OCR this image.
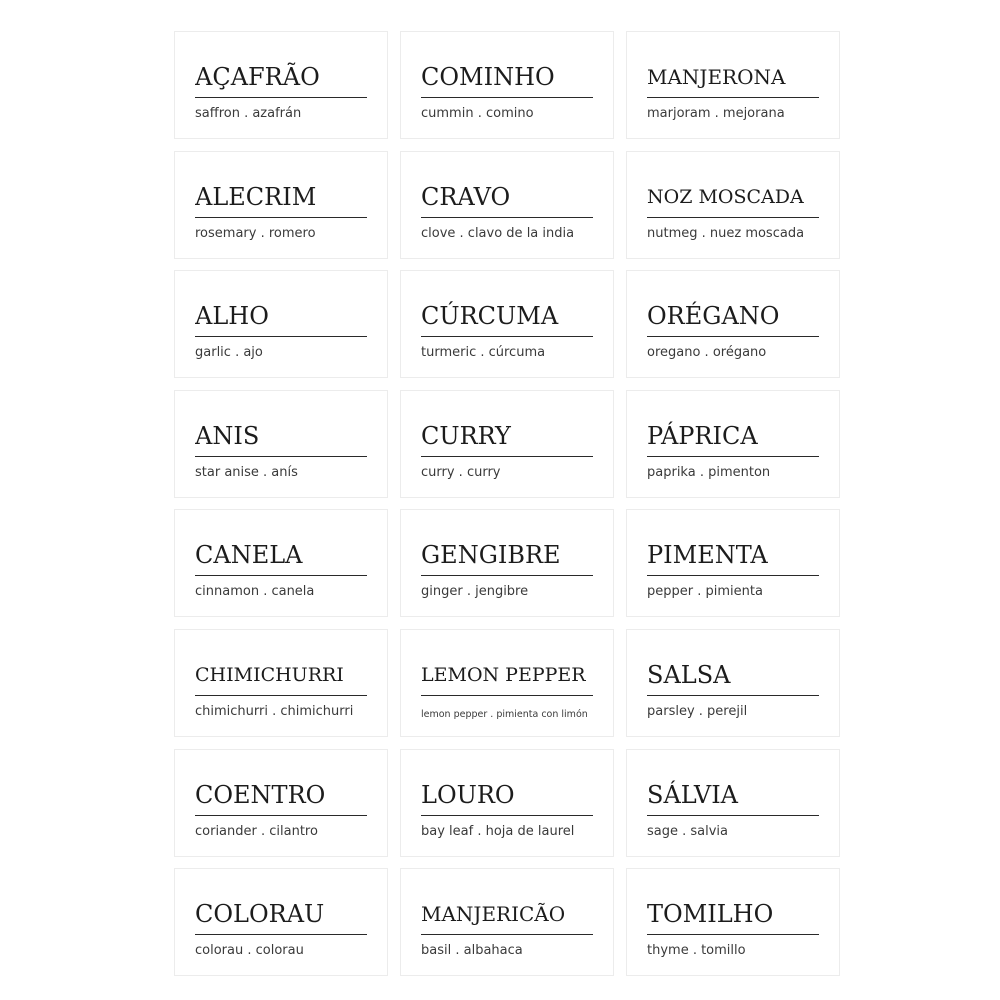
AÇAFRÃO
saffron . azafrán
COMINHO
cummin . comino
MANJERONA
marjoram . mejorana
ALECRIM
rosemary . romero
CRAVO
clove . clavo de la india
NOZ MOSCADA
nutmeg . nuez moscada
ALHO
garlic . ajo
CÚRCUMA
turmeric . cúrcuma
ORÉGANO
oregano . orégano
ANIS
star anise . anís
CURRY
curry . curry
PÁPRICA
paprika . pimenton
CANELA
cinnamon . canela
GENGIBRE
ginger . jengibre
PIMENTA
pepper . pimienta
CHIMICHURRI
chimichurri . chimichurri
LEMON PEPPER
lemon pepper . pimienta con limón
SALSA
parsley . perejil
COENTRO
coriander . cilantro
LOURO
bay leaf . hoja de laurel
SÁLVIA
sage . salvia
COLORAU
colorau . colorau
MANJERICÃO
basil . albahaca
TOMILHO
thyme . tomillo
